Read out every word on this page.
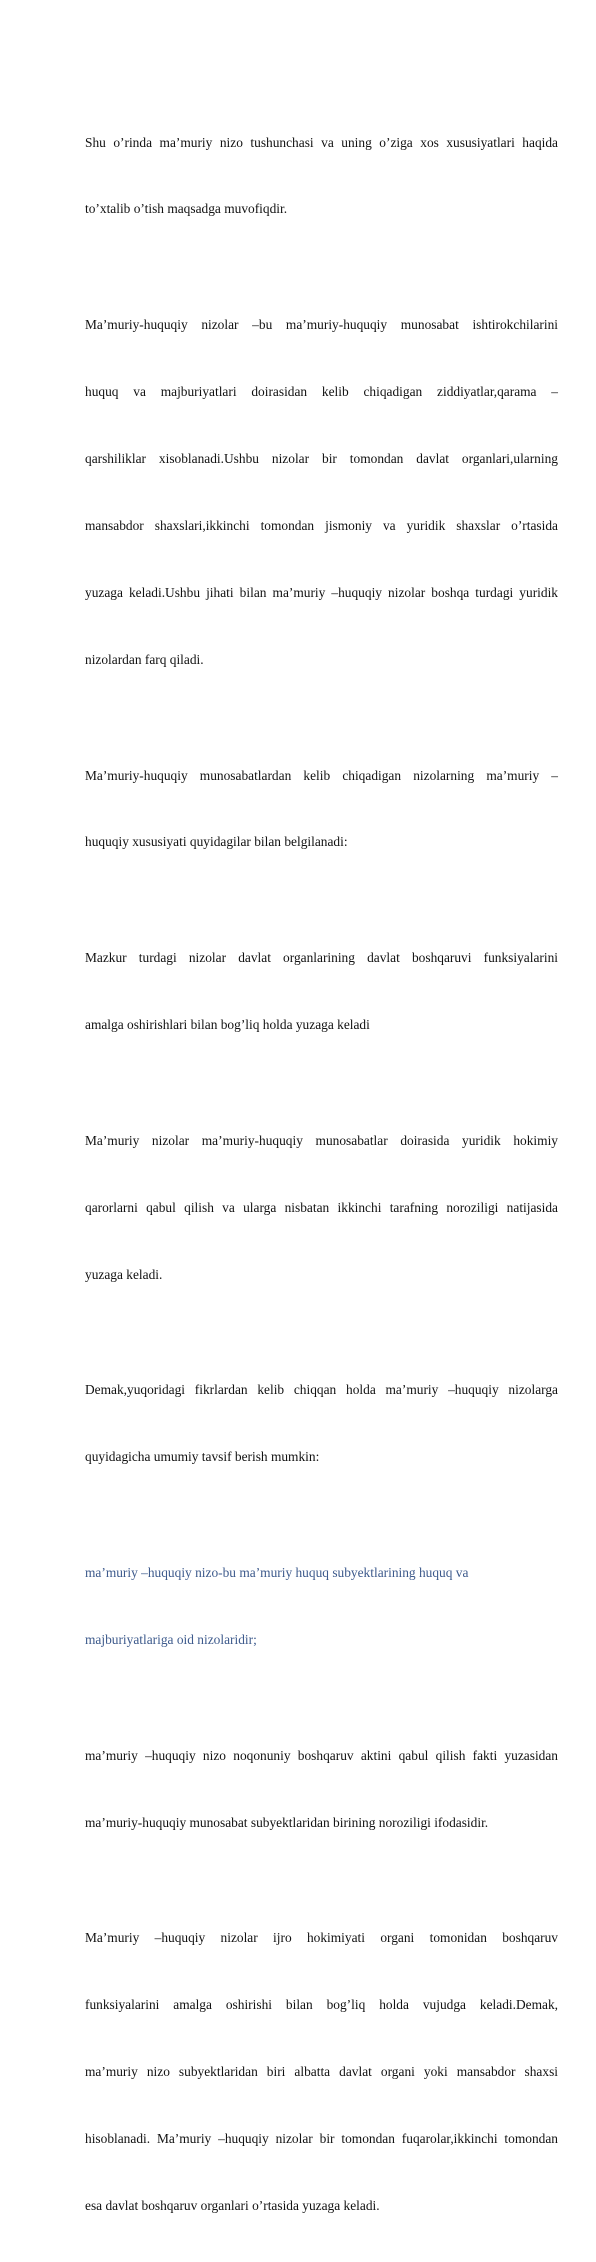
Shu o’rinda ma’muriy nizo tushunchasi va uning o’ziga xos xususiyatlari haqida

to’xtalib o’tish maqsadga muvofiqdir.

Ma’muriy-huquqiy nizolar –bu ma’muriy-huquqiy munosabat ishtirokchilarini

huquq va majburiyatlari doirasidan kelib chiqadigan ziddiyatlar,qarama –

qarshiliklar xisoblanadi.Ushbu nizolar bir tomondan davlat organlari,ularning

mansabdor shaxslari,ikkinchi tomondan jismoniy va yuridik shaxslar o’rtasida

yuzaga keladi.Ushbu jihati bilan ma’muriy –huquqiy nizolar boshqa turdagi yuridik

nizolardan farq qiladi.

Ma’muriy-huquqiy munosabatlardan kelib chiqadigan nizolarning ma’muriy –

huquqiy xususiyati quyidagilar bilan belgilanadi:

Mazkur turdagi nizolar davlat organlarining davlat boshqaruvi funksiyalarini

amalga oshirishlari bilan bog’liq holda yuzaga keladi

Ma’muriy nizolar ma’muriy-huquqiy munosabatlar doirasida yuridik hokimiy

qarorlarni qabul qilish va ularga nisbatan ikkinchi tarafning noroziligi natijasida

yuzaga keladi.

Demak,yuqoridagi fikrlardan kelib chiqqan holda ma’muriy –huquqiy nizolarga

quyidagicha umumiy tavsif berish mumkin:

ma’muriy –huquqiy nizo-bu ma’muriy huquq subyektlarining huquq va

majburiyatlariga oid nizolaridir;

ma’muriy –huquqiy nizo noqonuniy boshqaruv aktini qabul qilish fakti yuzasidan

ma’muriy-huquqiy munosabat subyektlaridan birining noroziligi ifodasidir.

Ma’muriy –huquqiy nizolar ijro hokimiyati organi tomonidan boshqaruv

funksiyalarini amalga oshirishi bilan bog’liq holda vujudga keladi.Demak,

ma’muriy nizo subyektlaridan biri albatta davlat organi yoki mansabdor shaxsi

hisoblanadi. Ma’muriy –huquqiy nizolar bir tomondan fuqarolar,ikkinchi tomondan

esa davlat boshqaruv organlari o’rtasida yuzaga keladi.
